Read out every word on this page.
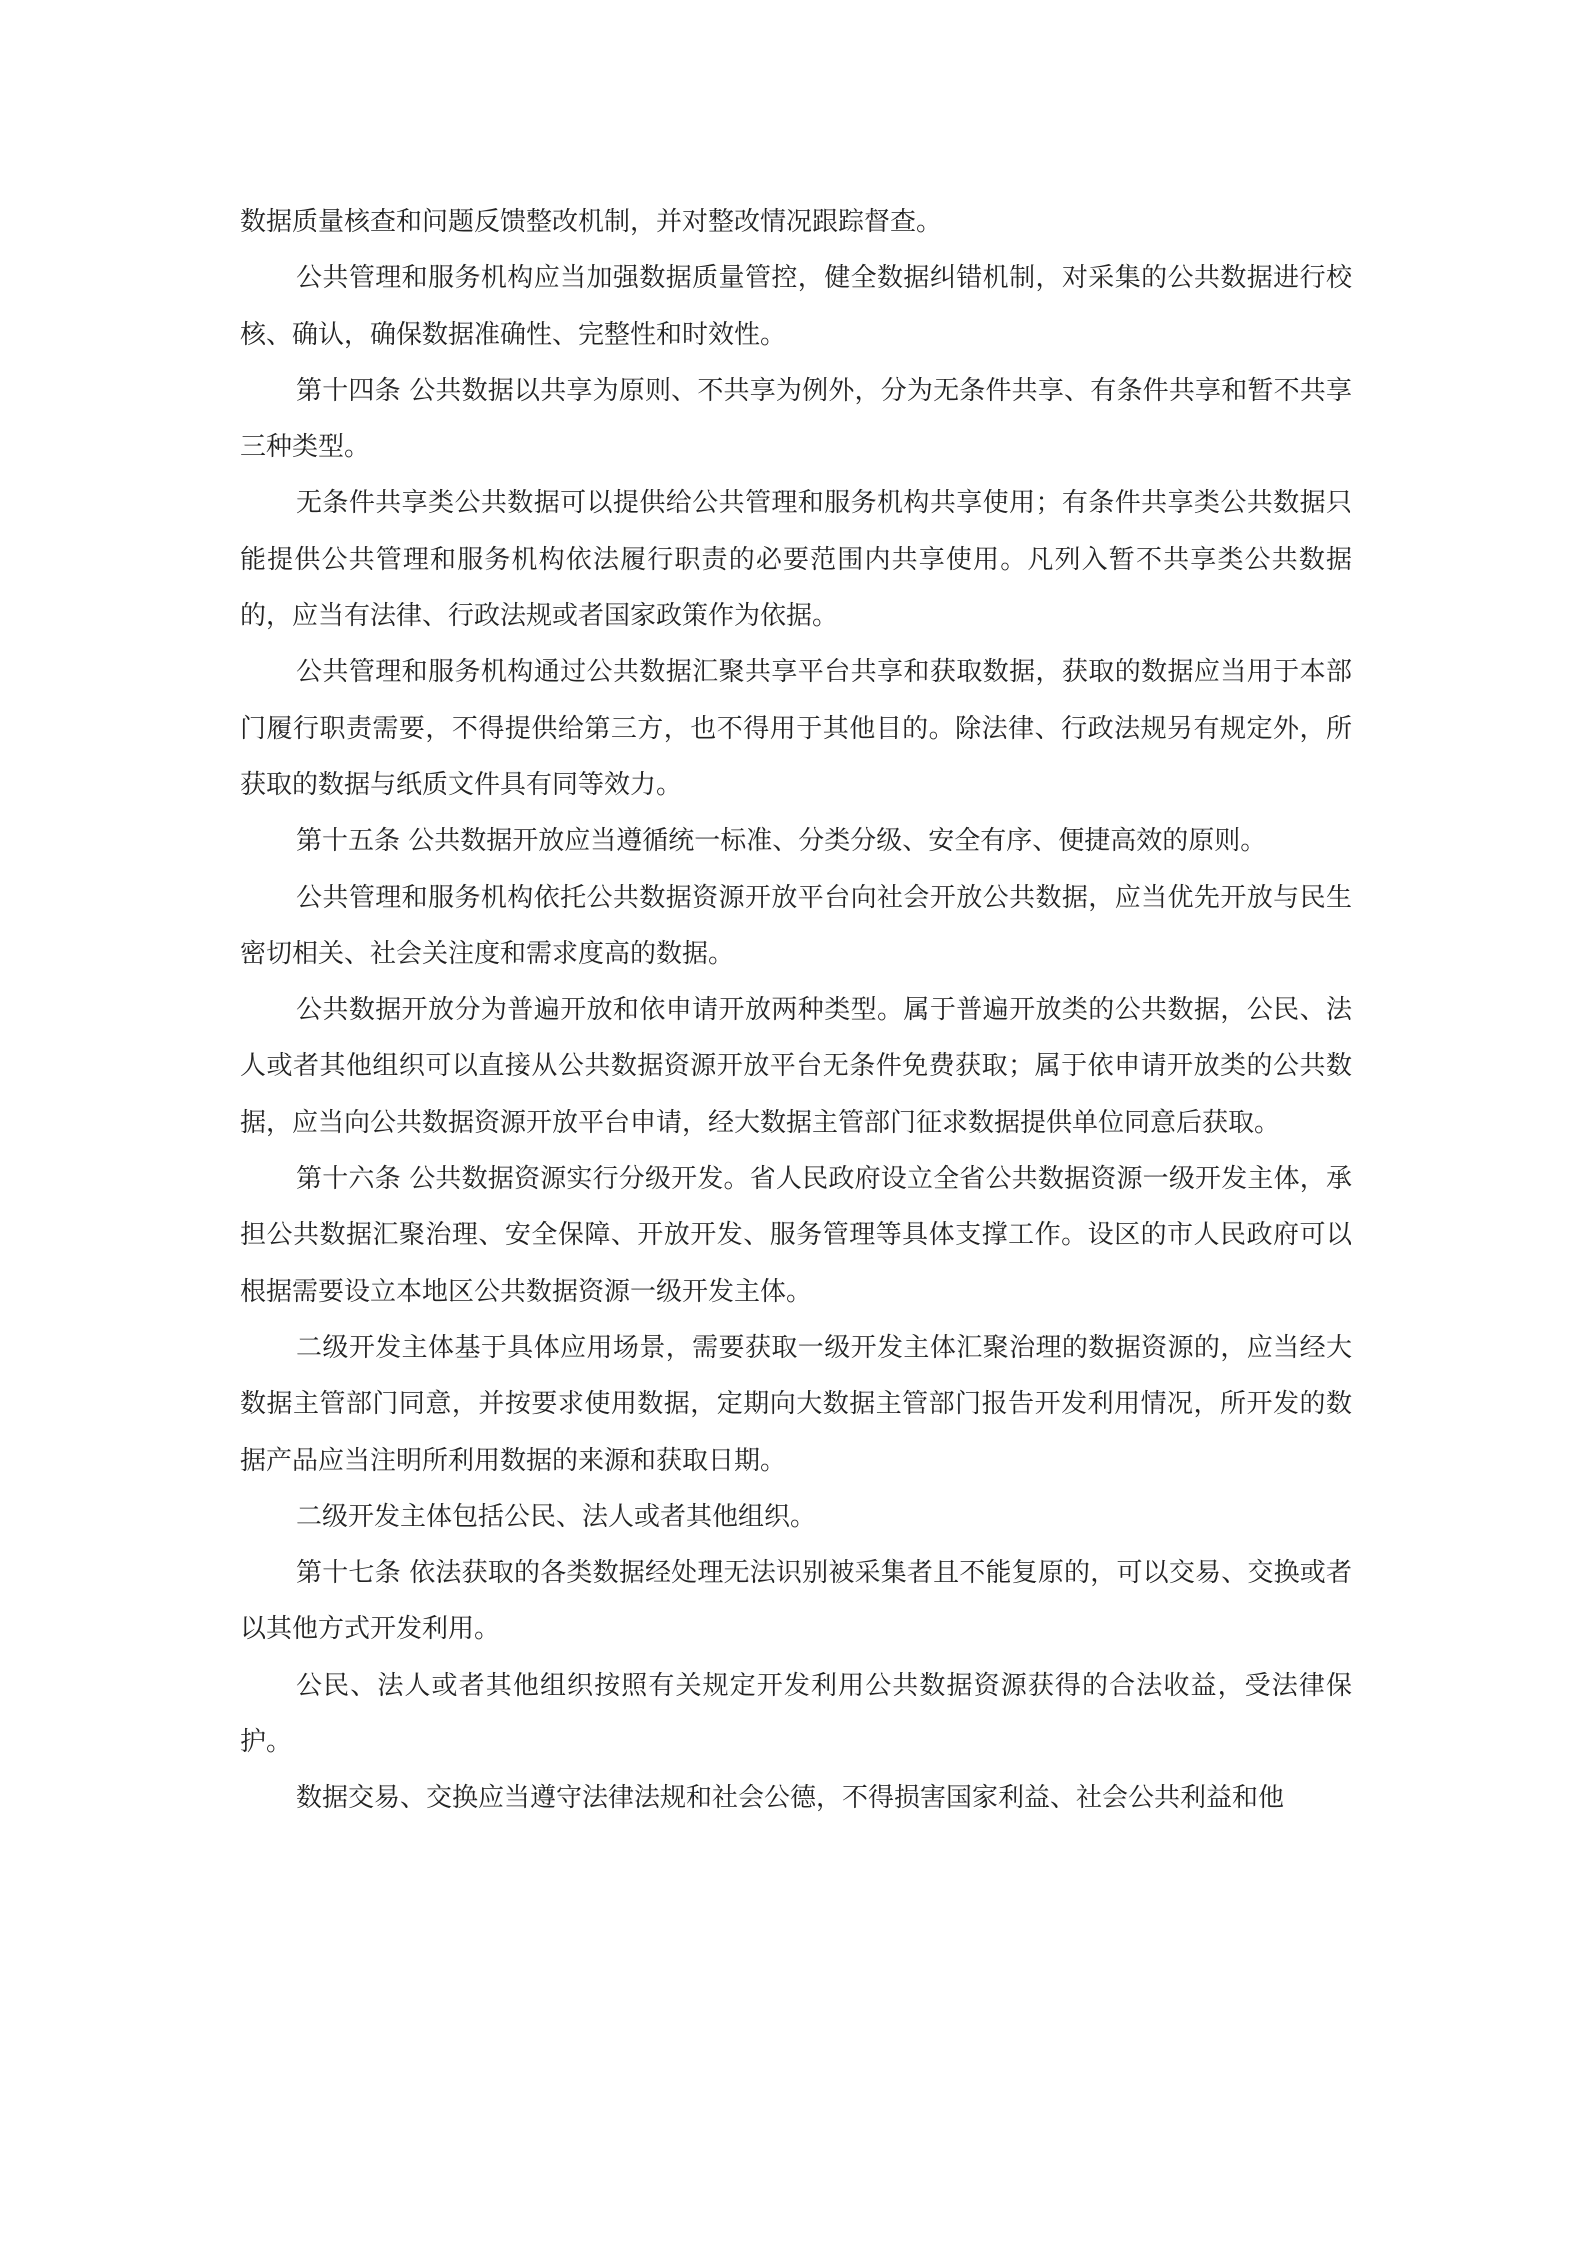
数据质量核查和问题反馈整改机制，并对整改情况跟踪督查。

公共管理和服务机构应当加强数据质量管控，健全数据纠错机制，对采集的公共数据进行校核、确认，确保数据准确性、完整性和时效性。

第十四条 公共数据以共享为原则、不共享为例外，分为无条件共享、有条件共享和暂不共享三种类型。

无条件共享类公共数据可以提供给公共管理和服务机构共享使用；有条件共享类公共数据只能提供公共管理和服务机构依法履行职责的必要范围内共享使用。凡列入暂不共享类公共数据的，应当有法律、行政法规或者国家政策作为依据。

公共管理和服务机构通过公共数据汇聚共享平台共享和获取数据，获取的数据应当用于本部门履行职责需要，不得提供给第三方，也不得用于其他目的。除法律、行政法规另有规定外，所获取的数据与纸质文件具有同等效力。

第十五条 公共数据开放应当遵循统一标准、分类分级、安全有序、便捷高效的原则。

公共管理和服务机构依托公共数据资源开放平台向社会开放公共数据，应当优先开放与民生密切相关、社会关注度和需求度高的数据。

公共数据开放分为普遍开放和依申请开放两种类型。属于普遍开放类的公共数据，公民、法人或者其他组织可以直接从公共数据资源开放平台无条件免费获取；属于依申请开放类的公共数据，应当向公共数据资源开放平台申请，经大数据主管部门征求数据提供单位同意后获取。

第十六条 公共数据资源实行分级开发。省人民政府设立全省公共数据资源一级开发主体，承担公共数据汇聚治理、安全保障、开放开发、服务管理等具体支撑工作。设区的市人民政府可以根据需要设立本地区公共数据资源一级开发主体。

二级开发主体基于具体应用场景，需要获取一级开发主体汇聚治理的数据资源的，应当经大数据主管部门同意，并按要求使用数据，定期向大数据主管部门报告开发利用情况，所开发的数据产品应当注明所利用数据的来源和获取日期。

二级开发主体包括公民、法人或者其他组织。

第十七条 依法获取的各类数据经处理无法识别被采集者且不能复原的，可以交易、交换或者以其他方式开发利用。

公民、法人或者其他组织按照有关规定开发利用公共数据资源获得的合法收益，受法律保护。

数据交易、交换应当遵守法律法规和社会公德，不得损害国家利益、社会公共利益和他
